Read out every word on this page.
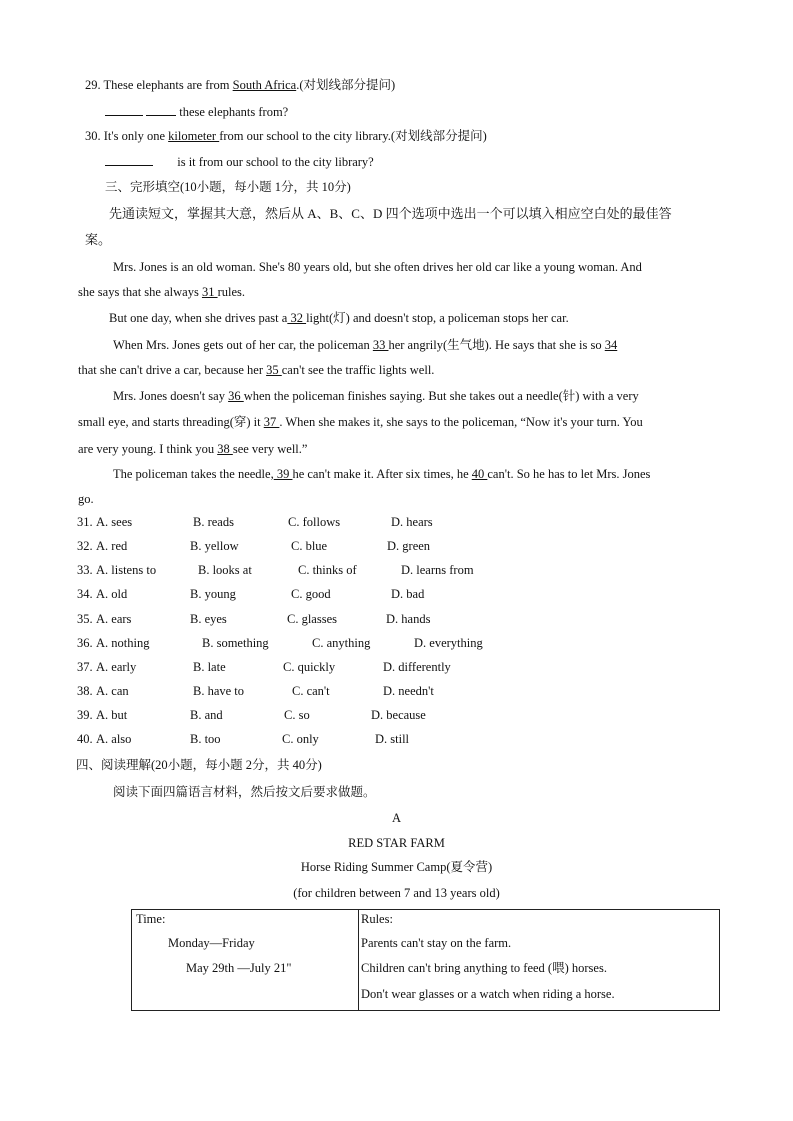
29. These elephants are from South Africa.(对划线部分提问)
these elephants from?
30. It's only one kilometer from our school to the city library.(对划线部分提问)
is it from our school to the city library?
三、完形填空(10小题，每小题 1分，共 10分)
先通读短文，掌握其大意，然后从 A、B、C、D 四个选项中选出一个可以填入相应空白处的最佳答
案。
Mrs. Jones is an old woman. She's 80 years old, but she often drives her old car like a young woman. And
she says that she always 31 rules.
But one day, when she drives past a 32 light(灯) and doesn't stop, a policeman stops her car.
When Mrs. Jones gets out of her car, the policeman 33 her angrily(生气地). He says that she is so 34
that she can't drive a car, because her 35 can't see the traffic lights well.
Mrs. Jones doesn't say 36 when the policeman finishes saying. But she takes out a needle(针) with a very
small eye, and starts threading(穿) it 37 . When she makes it, she says to the policeman, “Now it's your turn. You
are very young. I think you 38 see very well.”
The policeman takes the needle, 39 he can't make it. After six times, he 40 can't. So he has to let Mrs. Jones
go.
31. A. sees	B. reads	C. follows	D. hears
32. A. red	B. yellow	C. blue	D. green
33. A. listens to	B. looks at	C. thinks of	D. learns from
34. A. old	B. young	C. good	D. bad
35. A. ears	B. eyes	C. glasses	D. hands
36. A. nothing	B. something	C. anything	D. everything
37. A. early	B. late	C. quickly	D. differently
38. A. can	B. have to	C. can't	D. needn't
39. A. but	B. and	C. so	D. because
40. A. also	B. too	C. only	D. still
四、阅读理解(20小题，每小题 2分，共 40分)
阅读下面四篇语言材料，然后按文后要求做题。
A
RED STAR FARM
Horse Riding Summer Camp(夏令营)
(for children between 7 and 13 years old)
Time:
Monday—Friday
May 29th —July 21"

Rules:
Parents can't stay on the farm.
Children can't bring anything to feed (喂) horses.
Don't wear glasses or a watch when riding a horse.
